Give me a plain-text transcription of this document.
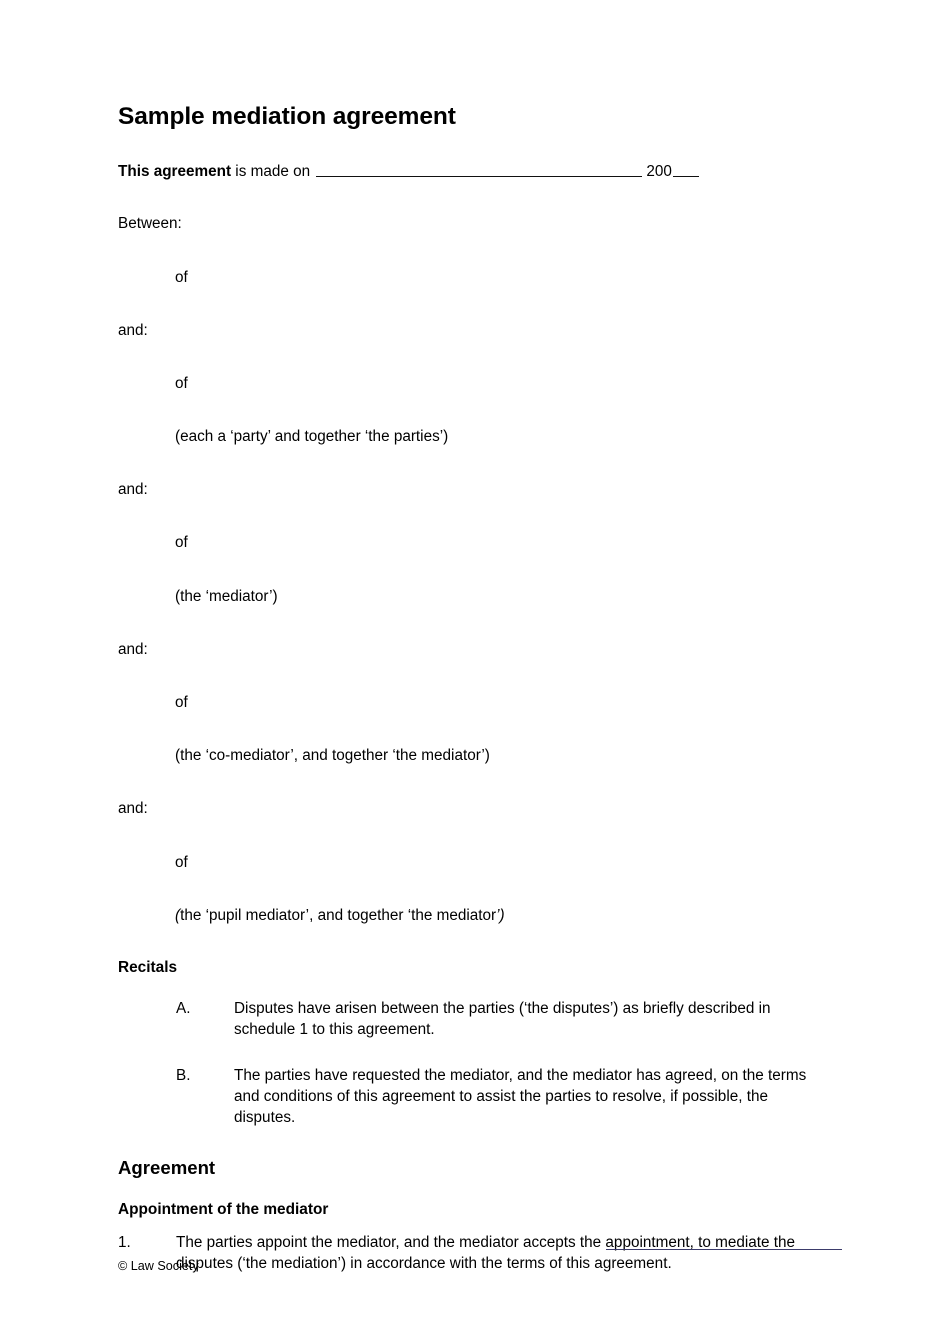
Sample mediation agreement

This agreement is made on	200

Between:

of

and:

of

(each a ‘party’ and together ‘the parties’)

and:

of

(the ‘mediator’)

and:

of

(the ‘co-mediator’, and together ‘the mediator’)

and:

of

(the ‘pupil mediator’, and together ‘the mediator’)

Recitals
A.	Disputes have arisen between the parties (‘the disputes’) as briefly described in schedule 1 to this agreement.
B.	The parties have requested the mediator, and the mediator has agreed, on the terms and conditions of this agreement to assist the parties to resolve, if possible, the disputes.
Agreement
Appointment of the mediator
1.	The parties appoint the mediator, and the mediator accepts the appointment, to mediate the disputes (‘the mediation’) in accordance with the terms of this agreement.
© Law Society
